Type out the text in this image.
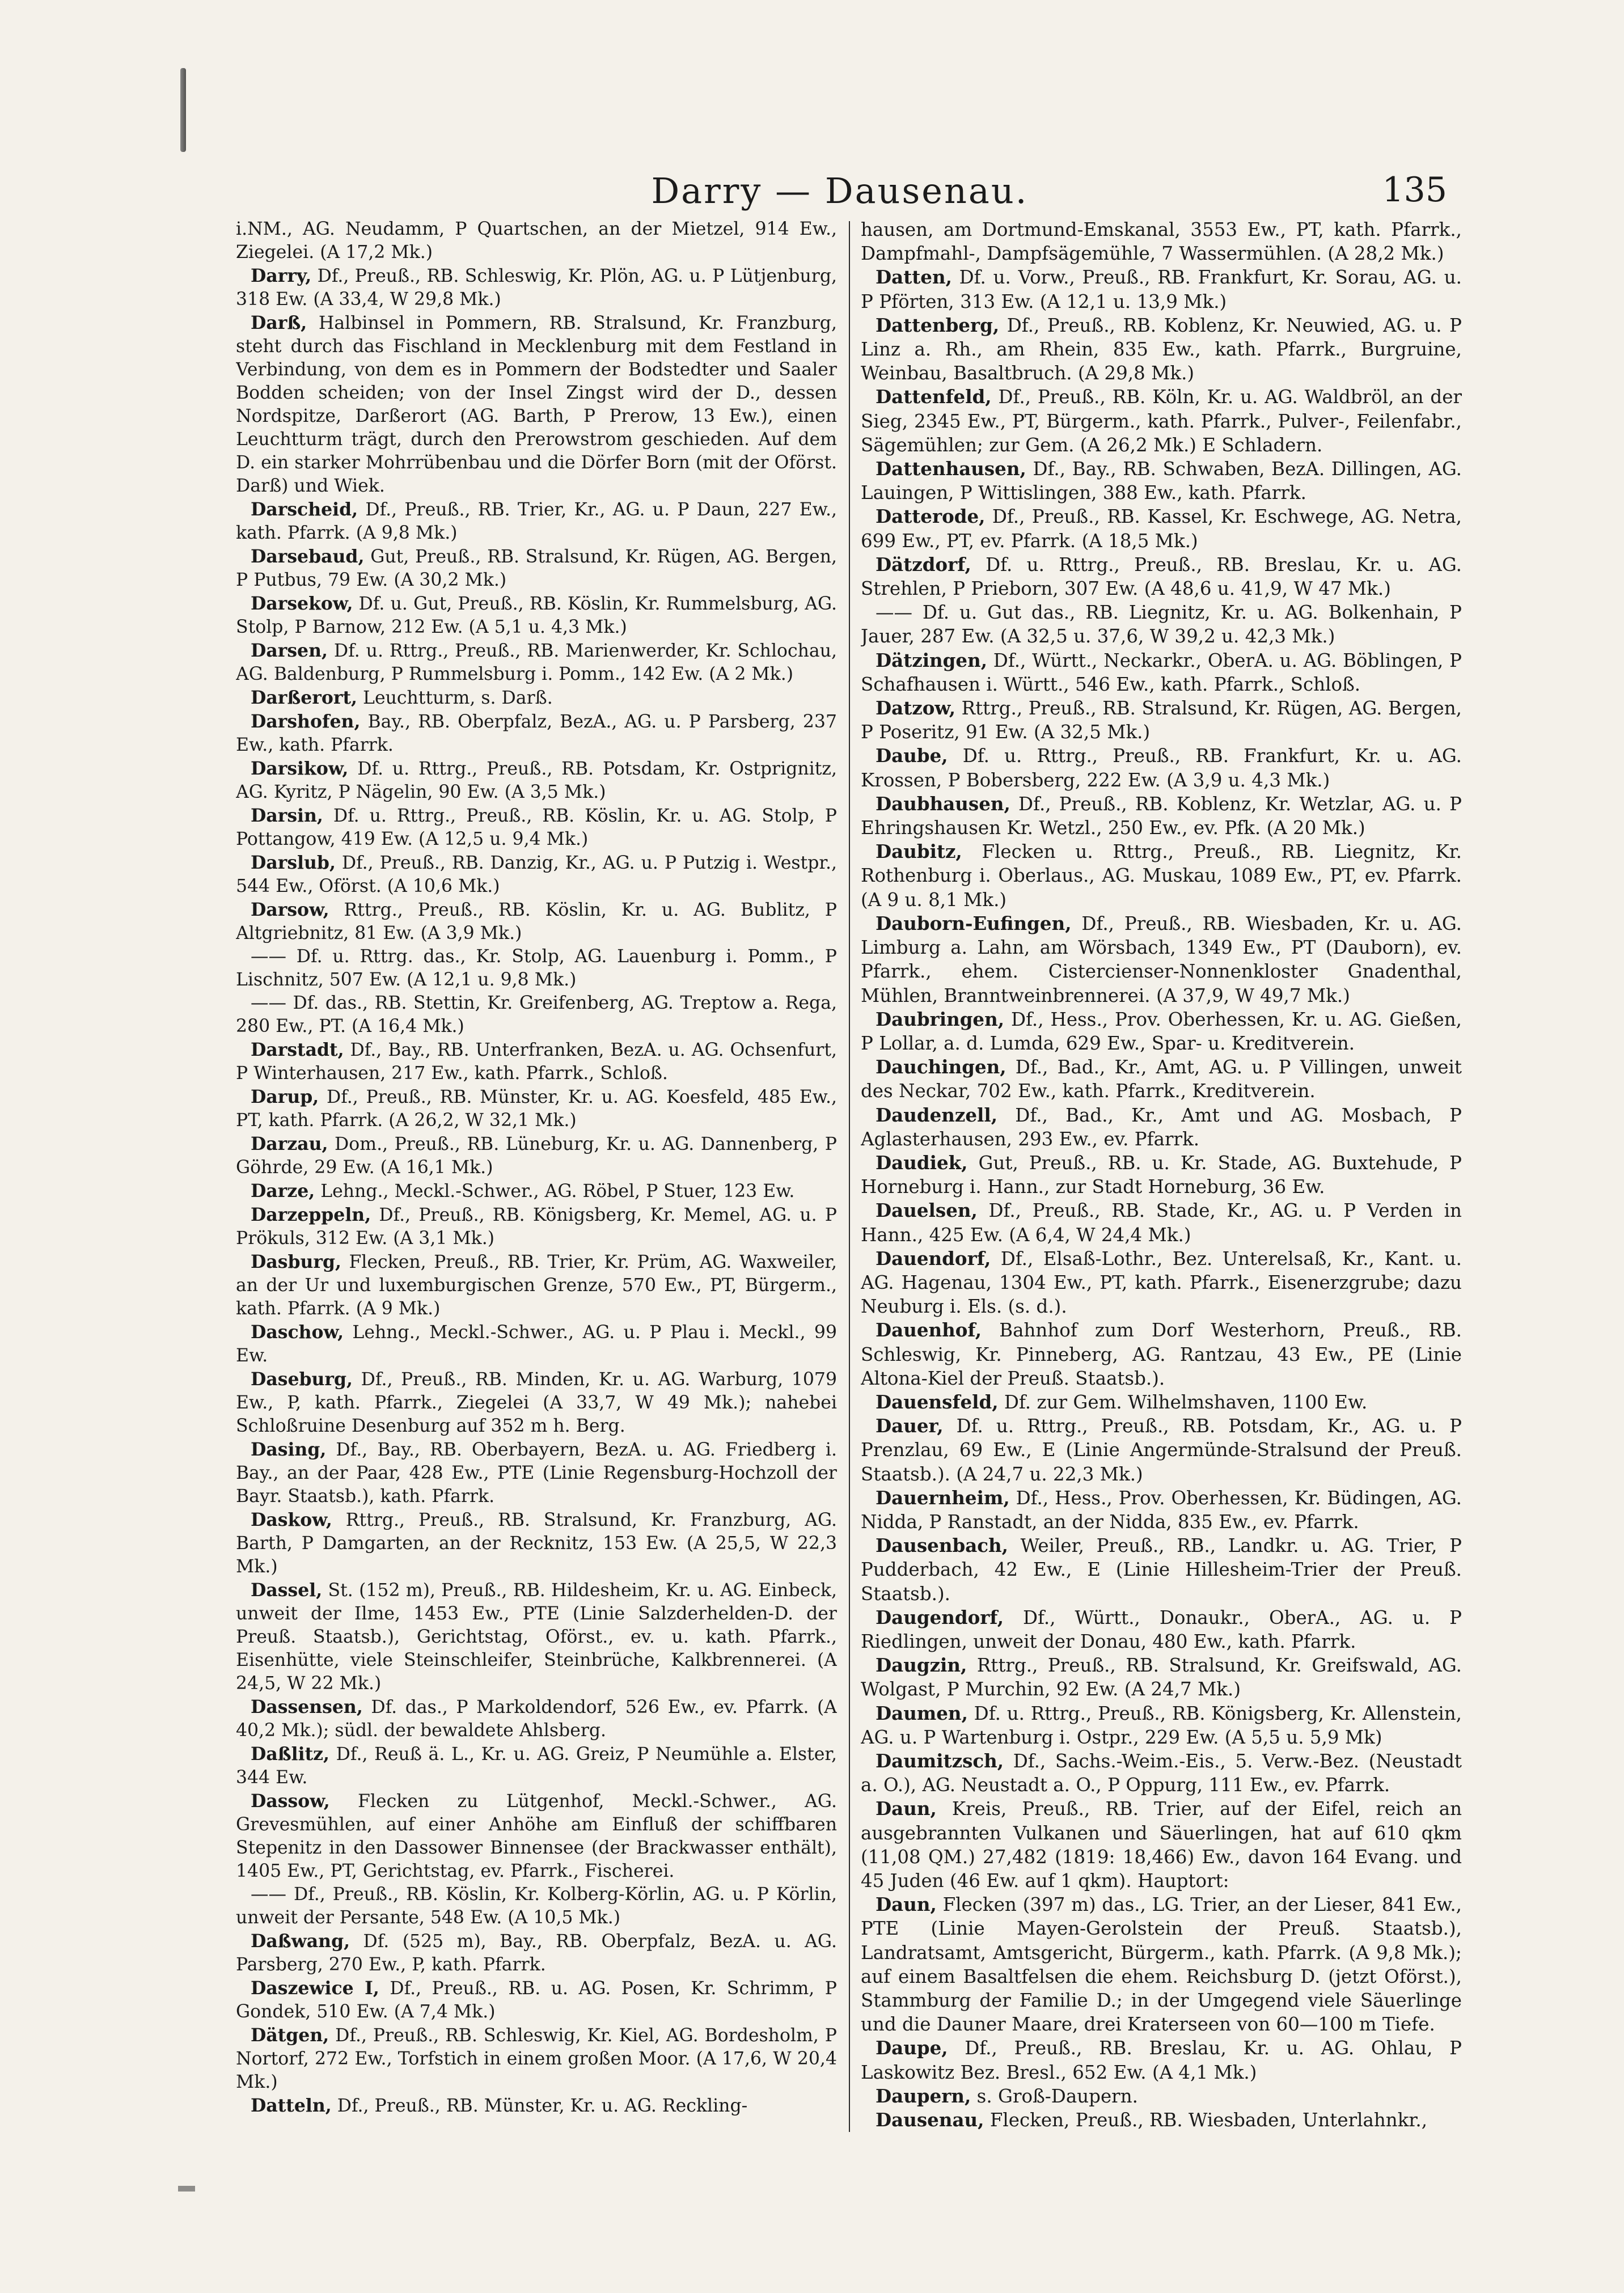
Darry — Dausenau.	135

i.NM., AG. Neudamm, P Quartschen, an der Mietzel, 914 Ew., Ziegelei. (A 17,2 Mk.)

Darry, Df., Preuß., RB. Schleswig, Kr. Plön, AG. u. P Lütjenburg, 318 Ew. (A 33,4, W 29,8 Mk.)

Darß, Halbinsel in Pommern, RB. Stralsund, Kr. Franzburg, steht durch das Fischland in Mecklenburg mit dem Festland in Verbindung, von dem es in Pommern der Bodstedter und Saaler Bodden scheiden; von der Insel Zingst wird der D., dessen Nordspitze, Darßerort (AG. Barth, P Prerow, 13 Ew.), einen Leuchtturm trägt, durch den Prerowstrom geschieden. Auf dem D. ein starker Mohrrübenbau und die Dörfer Born (mit der Oförst. Darß) und Wiek.

Darscheid, Df., Preuß., RB. Trier, Kr., AG. u. P Daun, 227 Ew., kath. Pfarrk. (A 9,8 Mk.)

Darsebaud, Gut, Preuß., RB. Stralsund, Kr. Rügen, AG. Bergen, P Putbus, 79 Ew. (A 30,2 Mk.)

Darsekow, Df. u. Gut, Preuß., RB. Köslin, Kr. Rummelsburg, AG. Stolp, P Barnow, 212 Ew. (A 5,1 u. 4,3 Mk.)

Darsen, Df. u. Rttrg., Preuß., RB. Marienwerder, Kr. Schlochau, AG. Baldenburg, P Rummelsburg i. Pomm., 142 Ew. (A 2 Mk.)

Darßerort, Leuchtturm, s. Darß.

Darshofen, Bay., RB. Oberpfalz, BezA., AG. u. P Parsberg, 237 Ew., kath. Pfarrk.

Darsikow, Df. u. Rttrg., Preuß., RB. Potsdam, Kr. Ostprignitz, AG. Kyritz, P Nägelin, 90 Ew. (A 3,5 Mk.)

Darsin, Df. u. Rttrg., Preuß., RB. Köslin, Kr. u. AG. Stolp, P Pottangow, 419 Ew. (A 12,5 u. 9,4 Mk.)

Darslub, Df., Preuß., RB. Danzig, Kr., AG. u. P Putzig i. Westpr., 544 Ew., Oförst. (A 10,6 Mk.)

Darsow, Rttrg., Preuß., RB. Köslin, Kr. u. AG. Bublitz, P Altgriebnitz, 81 Ew. (A 3,9 Mk.)

—— Df. u. Rttrg. das., Kr. Stolp, AG. Lauenburg i. Pomm., P Lischnitz, 507 Ew. (A 12,1 u. 9,8 Mk.)

—— Df. das., RB. Stettin, Kr. Greifenberg, AG. Treptow a. Rega, 280 Ew., PT. (A 16,4 Mk.)

Darstadt, Df., Bay., RB. Unterfranken, BezA. u. AG. Ochsenfurt, P Winterhausen, 217 Ew., kath. Pfarrk., Schloß.

Darup, Df., Preuß., RB. Münster, Kr. u. AG. Koesfeld, 485 Ew., PT, kath. Pfarrk. (A 26,2, W 32,1 Mk.)

Darzau, Dom., Preuß., RB. Lüneburg, Kr. u. AG. Dannenberg, P Göhrde, 29 Ew. (A 16,1 Mk.)

Darze, Lehng., Meckl.-Schwer., AG. Röbel, P Stuer, 123 Ew.

Darzeppeln, Df., Preuß., RB. Königsberg, Kr. Memel, AG. u. P Prökuls, 312 Ew. (A 3,1 Mk.)

Dasburg, Flecken, Preuß., RB. Trier, Kr. Prüm, AG. Waxweiler, an der Ur und luxemburgischen Grenze, 570 Ew., PT, Bürgerm., kath. Pfarrk. (A 9 Mk.)

Daschow, Lehng., Meckl.-Schwer., AG. u. P Plau i. Meckl., 99 Ew.

Daseburg, Df., Preuß., RB. Minden, Kr. u. AG. Warburg, 1079 Ew., P, kath. Pfarrk., Ziegelei (A 33,7, W 49 Mk.); nahebei Schloßruine Desenburg auf 352 m h. Berg.

Dasing, Df., Bay., RB. Oberbayern, BezA. u. AG. Friedberg i. Bay., an der Paar, 428 Ew., PTE (Linie Regensburg-Hochzoll der Bayr. Staatsb.), kath. Pfarrk.

Daskow, Rttrg., Preuß., RB. Stralsund, Kr. Franzburg, AG. Barth, P Damgarten, an der Recknitz, 153 Ew. (A 25,5, W 22,3 Mk.)

Dassel, St. (152 m), Preuß., RB. Hildesheim, Kr. u. AG. Einbeck, unweit der Ilme, 1453 Ew., PTE (Linie Salzderhelden-D. der Preuß. Staatsb.), Gerichtstag, Oförst., ev. u. kath. Pfarrk., Eisenhütte, viele Steinschleifer, Steinbrüche, Kalkbrennerei. (A 24,5, W 22 Mk.)

Dassensen, Df. das., P Markoldendorf, 526 Ew., ev. Pfarrk. (A 40,2 Mk.); südl. der bewaldete Ahlsberg.

Daßlitz, Df., Reuß ä. L., Kr. u. AG. Greiz, P Neumühle a. Elster, 344 Ew.

Dassow, Flecken zu Lütgenhof, Meckl.-Schwer., AG. Grevesmühlen, auf einer Anhöhe am Einfluß der schiffbaren Stepenitz in den Dassower Binnensee (der Brackwasser enthält), 1405 Ew., PT, Gerichtstag, ev. Pfarrk., Fischerei.

—— Df., Preuß., RB. Köslin, Kr. Kolberg-Körlin, AG. u. P Körlin, unweit der Persante, 548 Ew. (A 10,5 Mk.)

Daßwang, Df. (525 m), Bay., RB. Oberpfalz, BezA. u. AG. Parsberg, 270 Ew., P, kath. Pfarrk.

Daszewice I, Df., Preuß., RB. u. AG. Posen, Kr. Schrimm, P Gondek, 510 Ew. (A 7,4 Mk.)

Dätgen, Df., Preuß., RB. Schleswig, Kr. Kiel, AG. Bordesholm, P Nortorf, 272 Ew., Torfstich in einem großen Moor. (A 17,6, W 20,4 Mk.)

Datteln, Df., Preuß., RB. Münster, Kr. u. AG. Reckling-

hausen, am Dortmund-Emskanal, 3553 Ew., PT, kath. Pfarrk., Dampfmahl-, Dampfsägemühle, 7 Wassermühlen. (A 28,2 Mk.)

Datten, Df. u. Vorw., Preuß., RB. Frankfurt, Kr. Sorau, AG. u. P Pförten, 313 Ew. (A 12,1 u. 13,9 Mk.)

Dattenberg, Df., Preuß., RB. Koblenz, Kr. Neuwied, AG. u. P Linz a. Rh., am Rhein, 835 Ew., kath. Pfarrk., Burgruine, Weinbau, Basaltbruch. (A 29,8 Mk.)

Dattenfeld, Df., Preuß., RB. Köln, Kr. u. AG. Waldbröl, an der Sieg, 2345 Ew., PT, Bürgerm., kath. Pfarrk., Pulver-, Feilenfabr., Sägemühlen; zur Gem. (A 26,2 Mk.) E Schladern.

Dattenhausen, Df., Bay., RB. Schwaben, BezA. Dillingen, AG. Lauingen, P Wittislingen, 388 Ew., kath. Pfarrk.

Datterode, Df., Preuß., RB. Kassel, Kr. Eschwege, AG. Netra, 699 Ew., PT, ev. Pfarrk. (A 18,5 Mk.)

Dätzdorf, Df. u. Rttrg., Preuß., RB. Breslau, Kr. u. AG. Strehlen, P Prieborn, 307 Ew. (A 48,6 u. 41,9, W 47 Mk.)

—— Df. u. Gut das., RB. Liegnitz, Kr. u. AG. Bolkenhain, P Jauer, 287 Ew. (A 32,5 u. 37,6, W 39,2 u. 42,3 Mk.)

Dätzingen, Df., Württ., Neckarkr., OberA. u. AG. Böblingen, P Schafhausen i. Württ., 546 Ew., kath. Pfarrk., Schloß.

Datzow, Rttrg., Preuß., RB. Stralsund, Kr. Rügen, AG. Bergen, P Poseritz, 91 Ew. (A 32,5 Mk.)

Daube, Df. u. Rttrg., Preuß., RB. Frankfurt, Kr. u. AG. Krossen, P Bobersberg, 222 Ew. (A 3,9 u. 4,3 Mk.)

Daubhausen, Df., Preuß., RB. Koblenz, Kr. Wetzlar, AG. u. P Ehringshausen Kr. Wetzl., 250 Ew., ev. Pfk. (A 20 Mk.)

Daubitz, Flecken u. Rttrg., Preuß., RB. Liegnitz, Kr. Rothenburg i. Oberlaus., AG. Muskau, 1089 Ew., PT, ev. Pfarrk. (A 9 u. 8,1 Mk.)

Dauborn-Eufingen, Df., Preuß., RB. Wiesbaden, Kr. u. AG. Limburg a. Lahn, am Wörsbach, 1349 Ew., PT (Dauborn), ev. Pfarrk., ehem. Cistercienser-Nonnenkloster Gnadenthal, Mühlen, Branntweinbrennerei. (A 37,9, W 49,7 Mk.)

Daubringen, Df., Hess., Prov. Oberhessen, Kr. u. AG. Gießen, P Lollar, a. d. Lumda, 629 Ew., Spar- u. Kreditverein.

Dauchingen, Df., Bad., Kr., Amt, AG. u. P Villingen, unweit des Neckar, 702 Ew., kath. Pfarrk., Kreditverein.

Daudenzell, Df., Bad., Kr., Amt und AG. Mosbach, P Aglasterhausen, 293 Ew., ev. Pfarrk.

Daudiek, Gut, Preuß., RB. u. Kr. Stade, AG. Buxtehude, P Horneburg i. Hann., zur Stadt Horneburg, 36 Ew.

Dauelsen, Df., Preuß., RB. Stade, Kr., AG. u. P Verden in Hann., 425 Ew. (A 6,4, W 24,4 Mk.)

Dauendorf, Df., Elsaß-Lothr., Bez. Unterelsaß, Kr., Kant. u. AG. Hagenau, 1304 Ew., PT, kath. Pfarrk., Eisenerzgrube; dazu Neuburg i. Els. (s. d.).

Dauenhof, Bahnhof zum Dorf Westerhorn, Preuß., RB. Schleswig, Kr. Pinneberg, AG. Rantzau, 43 Ew., PE (Linie Altona-Kiel der Preuß. Staatsb.).

Dauensfeld, Df. zur Gem. Wilhelmshaven, 1100 Ew.

Dauer, Df. u. Rttrg., Preuß., RB. Potsdam, Kr., AG. u. P Prenzlau, 69 Ew., E (Linie Angermünde-Stralsund der Preuß. Staatsb.). (A 24,7 u. 22,3 Mk.)

Dauernheim, Df., Hess., Prov. Oberhessen, Kr. Büdingen, AG. Nidda, P Ranstadt, an der Nidda, 835 Ew., ev. Pfarrk.

Dausenbach, Weiler, Preuß., RB., Landkr. u. AG. Trier, P Pudderbach, 42 Ew., E (Linie Hillesheim-Trier der Preuß. Staatsb.).

Daugendorf, Df., Württ., Donaukr., OberA., AG. u. P Riedlingen, unweit der Donau, 480 Ew., kath. Pfarrk.

Daugzin, Rttrg., Preuß., RB. Stralsund, Kr. Greifswald, AG. Wolgast, P Murchin, 92 Ew. (A 24,7 Mk.)

Daumen, Df. u. Rttrg., Preuß., RB. Königsberg, Kr. Allenstein, AG. u. P Wartenburg i. Ostpr., 229 Ew. (A 5,5 u. 5,9 Mk)

Daumitzsch, Df., Sachs.-Weim.-Eis., 5. Verw.-Bez. (Neustadt a. O.), AG. Neustadt a. O., P Oppurg, 111 Ew., ev. Pfarrk.

Daun, Kreis, Preuß., RB. Trier, auf der Eifel, reich an ausgebrannten Vulkanen und Säuerlingen, hat auf 610 qkm (11,08 QM.) 27,482 (1819: 18,466) Ew., davon 164 Evang. und 45 Juden (46 Ew. auf 1 qkm). Hauptort:

Daun, Flecken (397 m) das., LG. Trier, an der Lieser, 841 Ew., PTE (Linie Mayen-Gerolstein der Preuß. Staatsb.), Landratsamt, Amtsgericht, Bürgerm., kath. Pfarrk. (A 9,8 Mk.); auf einem Basaltfelsen die ehem. Reichsburg D. (jetzt Oförst.), Stammburg der Familie D.; in der Umgegend viele Säuerlinge und die Dauner Maare, drei Kraterseen von 60—100 m Tiefe.

Daupe, Df., Preuß., RB. Breslau, Kr. u. AG. Ohlau, P Laskowitz Bez. Bresl., 652 Ew. (A 4,1 Mk.)

Daupern, s. Groß-Daupern.

Dausenau, Flecken, Preuß., RB. Wiesbaden, Unterlahnkr.,
